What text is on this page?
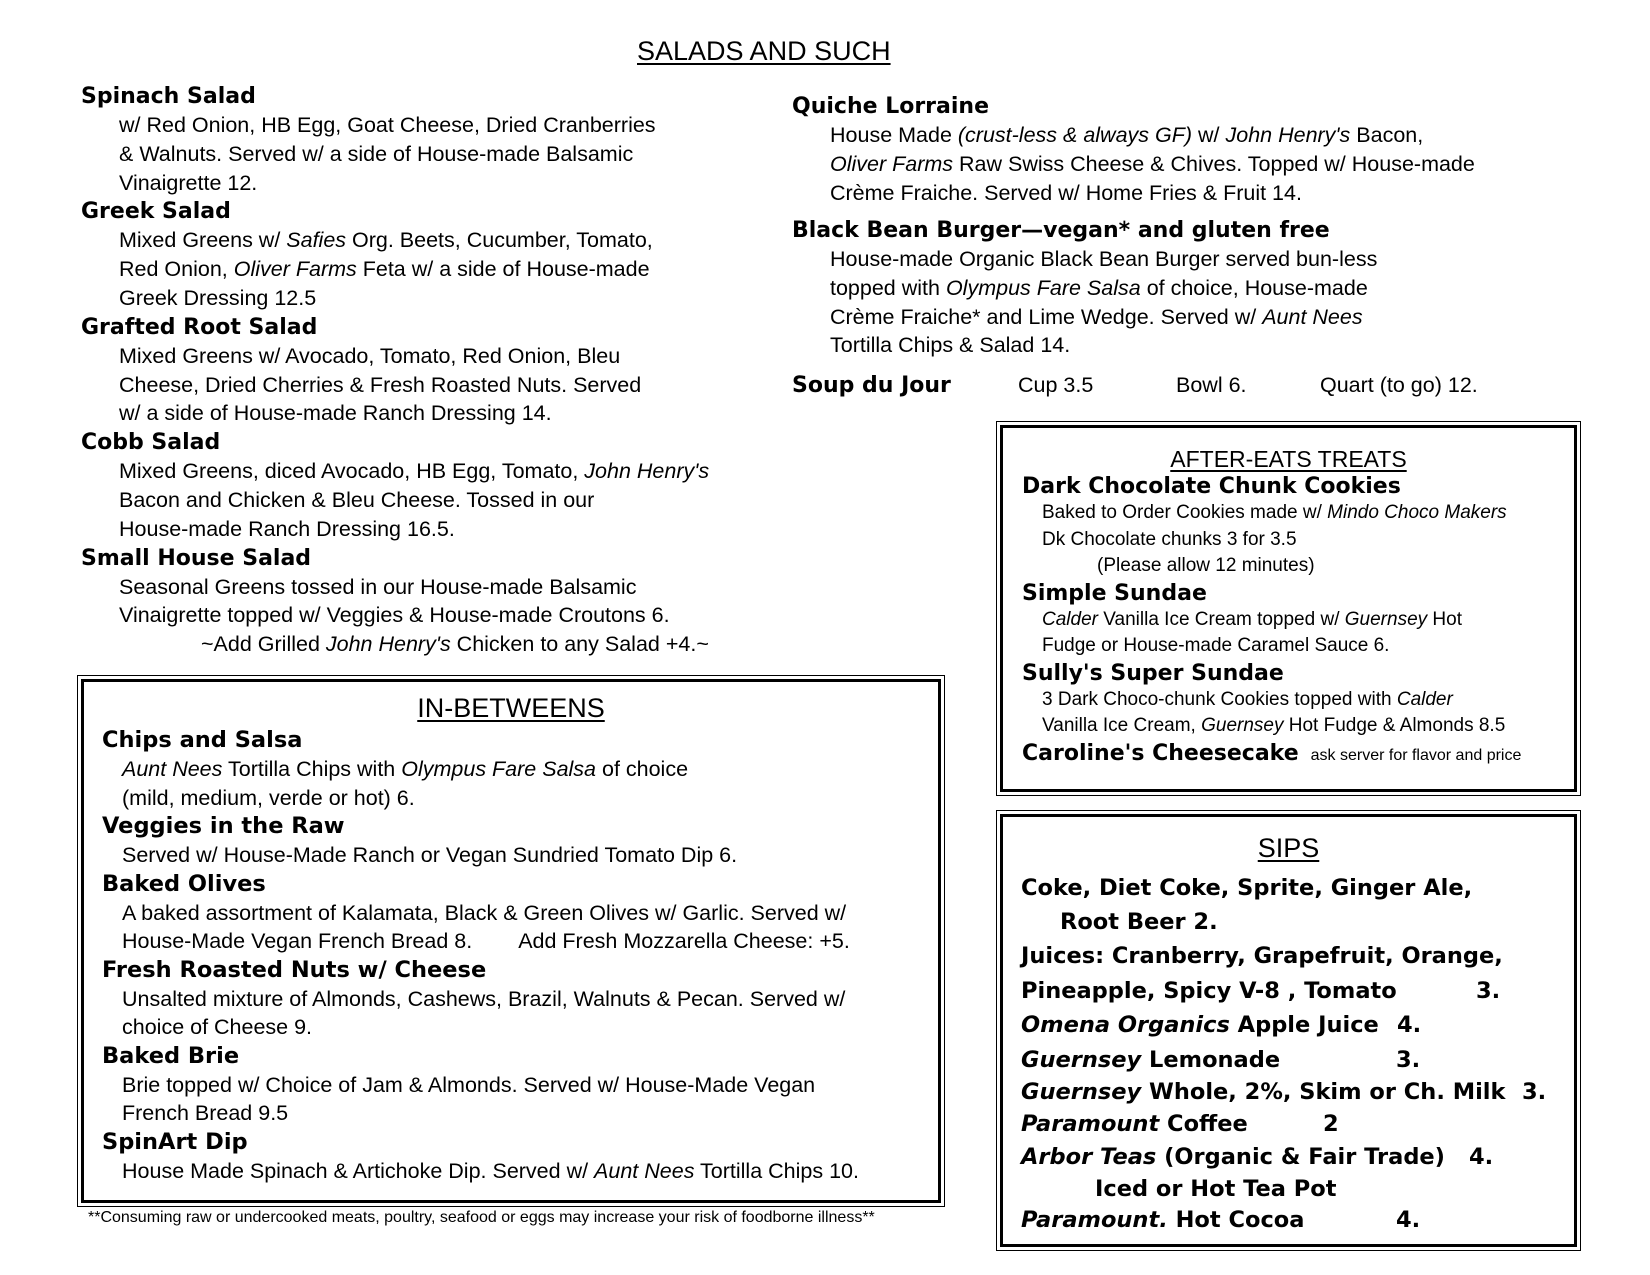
SALADS AND SUCH
Spinach Salad
w/ Red Onion, HB Egg, Goat Cheese, Dried Cranberries
& Walnuts. Served w/ a side of House-made Balsamic
Vinaigrette 12.
Greek Salad
Mixed Greens w/ Safies Org. Beets, Cucumber, Tomato,
Red Onion, Oliver Farms Feta w/ a side of House-made
Greek Dressing 12.5
Grafted Root Salad
Mixed Greens w/ Avocado, Tomato, Red Onion, Bleu
Cheese, Dried Cherries & Fresh Roasted Nuts. Served
w/ a side of House-made Ranch Dressing 14.
Cobb Salad
Mixed Greens, diced Avocado, HB Egg, Tomato, John Henry's
Bacon and Chicken & Bleu Cheese. Tossed in our
House-made Ranch Dressing 16.5.
Small House Salad
Seasonal Greens tossed in our House-made Balsamic
Vinaigrette topped w/ Veggies & House-made Croutons 6.
~Add Grilled John Henry's Chicken to any Salad +4.~
Quiche Lorraine
House Made (crust-less & always GF) w/ John Henry's Bacon,
Oliver Farms Raw Swiss Cheese & Chives. Topped w/ House-made
Crème Fraiche. Served w/ Home Fries & Fruit 14.
Black Bean Burger—vegan* and gluten free
House-made Organic Black Bean Burger served bun-less
topped with Olympus Fare Salsa of choice, House-made
Crème Fraiche* and Lime Wedge. Served w/ Aunt Nees
Tortilla Chips & Salad 14.
Soup du Jour	Cup 3.5	Bowl 6.	Quart (to go) 12.
IN-BETWEENS
Chips and Salsa
Aunt Nees Tortilla Chips with Olympus Fare Salsa of choice
(mild, medium, verde or hot) 6.
Veggies in the Raw
Served w/ House-Made Ranch or Vegan Sundried Tomato Dip 6.
Baked Olives
A baked assortment of Kalamata, Black & Green Olives w/ Garlic. Served w/
House-Made Vegan French Bread 8. Add Fresh Mozzarella Cheese: +5.
Fresh Roasted Nuts w/ Cheese
Unsalted mixture of Almonds, Cashews, Brazil, Walnuts & Pecan. Served w/
choice of Cheese 9.
Baked Brie
Brie topped w/ Choice of Jam & Almonds. Served w/ House-Made Vegan
French Bread 9.5
SpinArt Dip
House Made Spinach & Artichoke Dip. Served w/ Aunt Nees Tortilla Chips 10.
**Consuming raw or undercooked meats, poultry, seafood or eggs may increase your risk of foodborne illness**
AFTER-EATS TREATS
Dark Chocolate Chunk Cookies
Baked to Order Cookies made w/ Mindo Choco Makers
Dk Chocolate chunks 3 for 3.5
(Please allow 12 minutes)
Simple Sundae
Calder Vanilla Ice Cream topped w/ Guernsey Hot
Fudge or House-made Caramel Sauce 6.
Sully's Super Sundae
3 Dark Choco-chunk Cookies topped with Calder
Vanilla Ice Cream, Guernsey Hot Fudge & Almonds 8.5
Caroline's Cheesecake ask server for flavor and price
SIPS
Coke, Diet Coke, Sprite, Ginger Ale,
Root Beer 2.
Juices: Cranberry, Grapefruit, Orange,
Pineapple, Spicy V-8 , Tomato	3.
Omena Organics Apple Juice 4.
Guernsey Lemonade	3.
Guernsey Whole, 2%, Skim or Ch. Milk 3.
Paramount Coffee	2
Arbor Teas (Organic & Fair Trade) 4.
Iced or Hot Tea Pot
Paramount. Hot Cocoa	4.
